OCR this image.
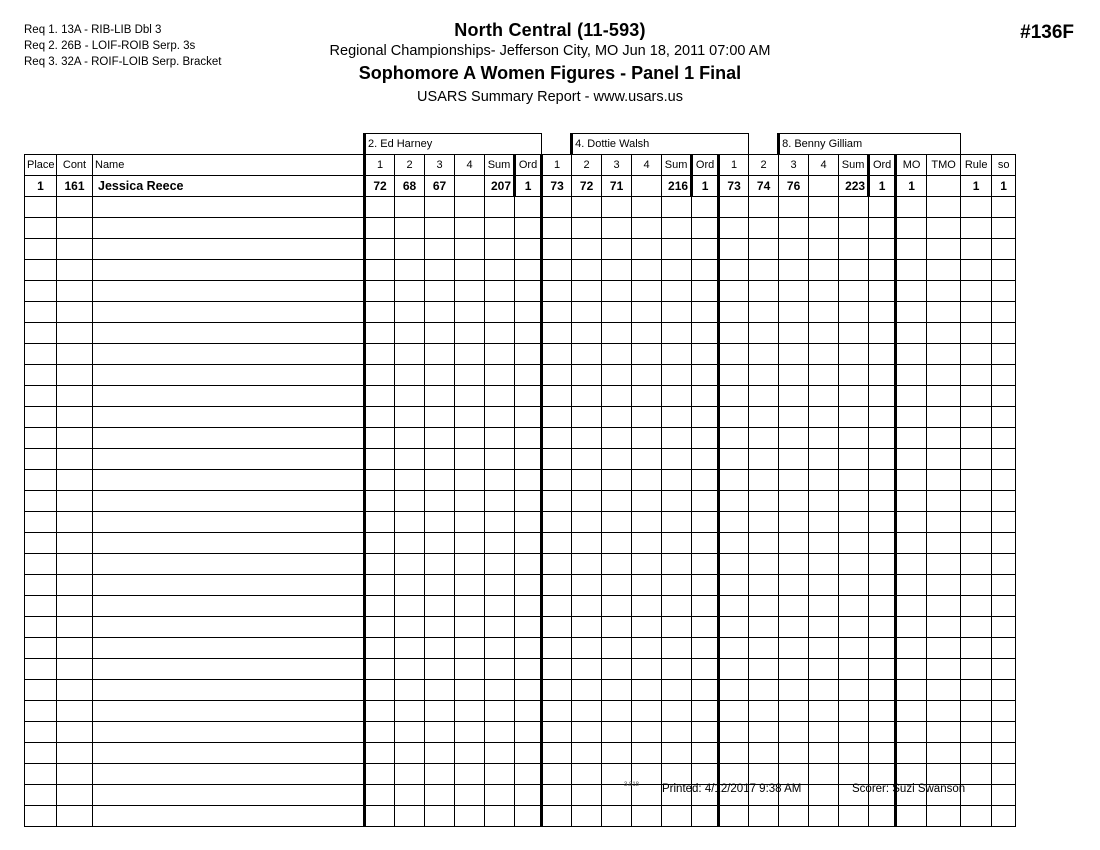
Req 1. 13A - RIB-LIB Dbl 3
Req 2. 26B - LOIF-ROIB Serp. 3s
Req 3. 32A - ROIF-LOIB Serp. Bracket
North Central (11-593)
Regional Championships- Jefferson City, MO Jun 18, 2011 07:00 AM
Sophomore A Women Figures - Panel 1 Final
USARS Summary Report - www.usars.us
#136F
			2. Ed Harney							4. Dottie Walsh							8. Benny Gilliam										
Place	Cont	Name	1	2	3	4	Sum	Ord	1	2	3	4	Sum	Ord	1	2	3	4	Sum	Ord	MO	TMO	Rule	so			
1	161	Jessica Reece	72	68	67		207	1	73	72	71		216	1	73	74	76		223	1	1		1	1			

3.818 Printed: 4/12/2017 9:38 AM	Scorer: Suzi Swanson
